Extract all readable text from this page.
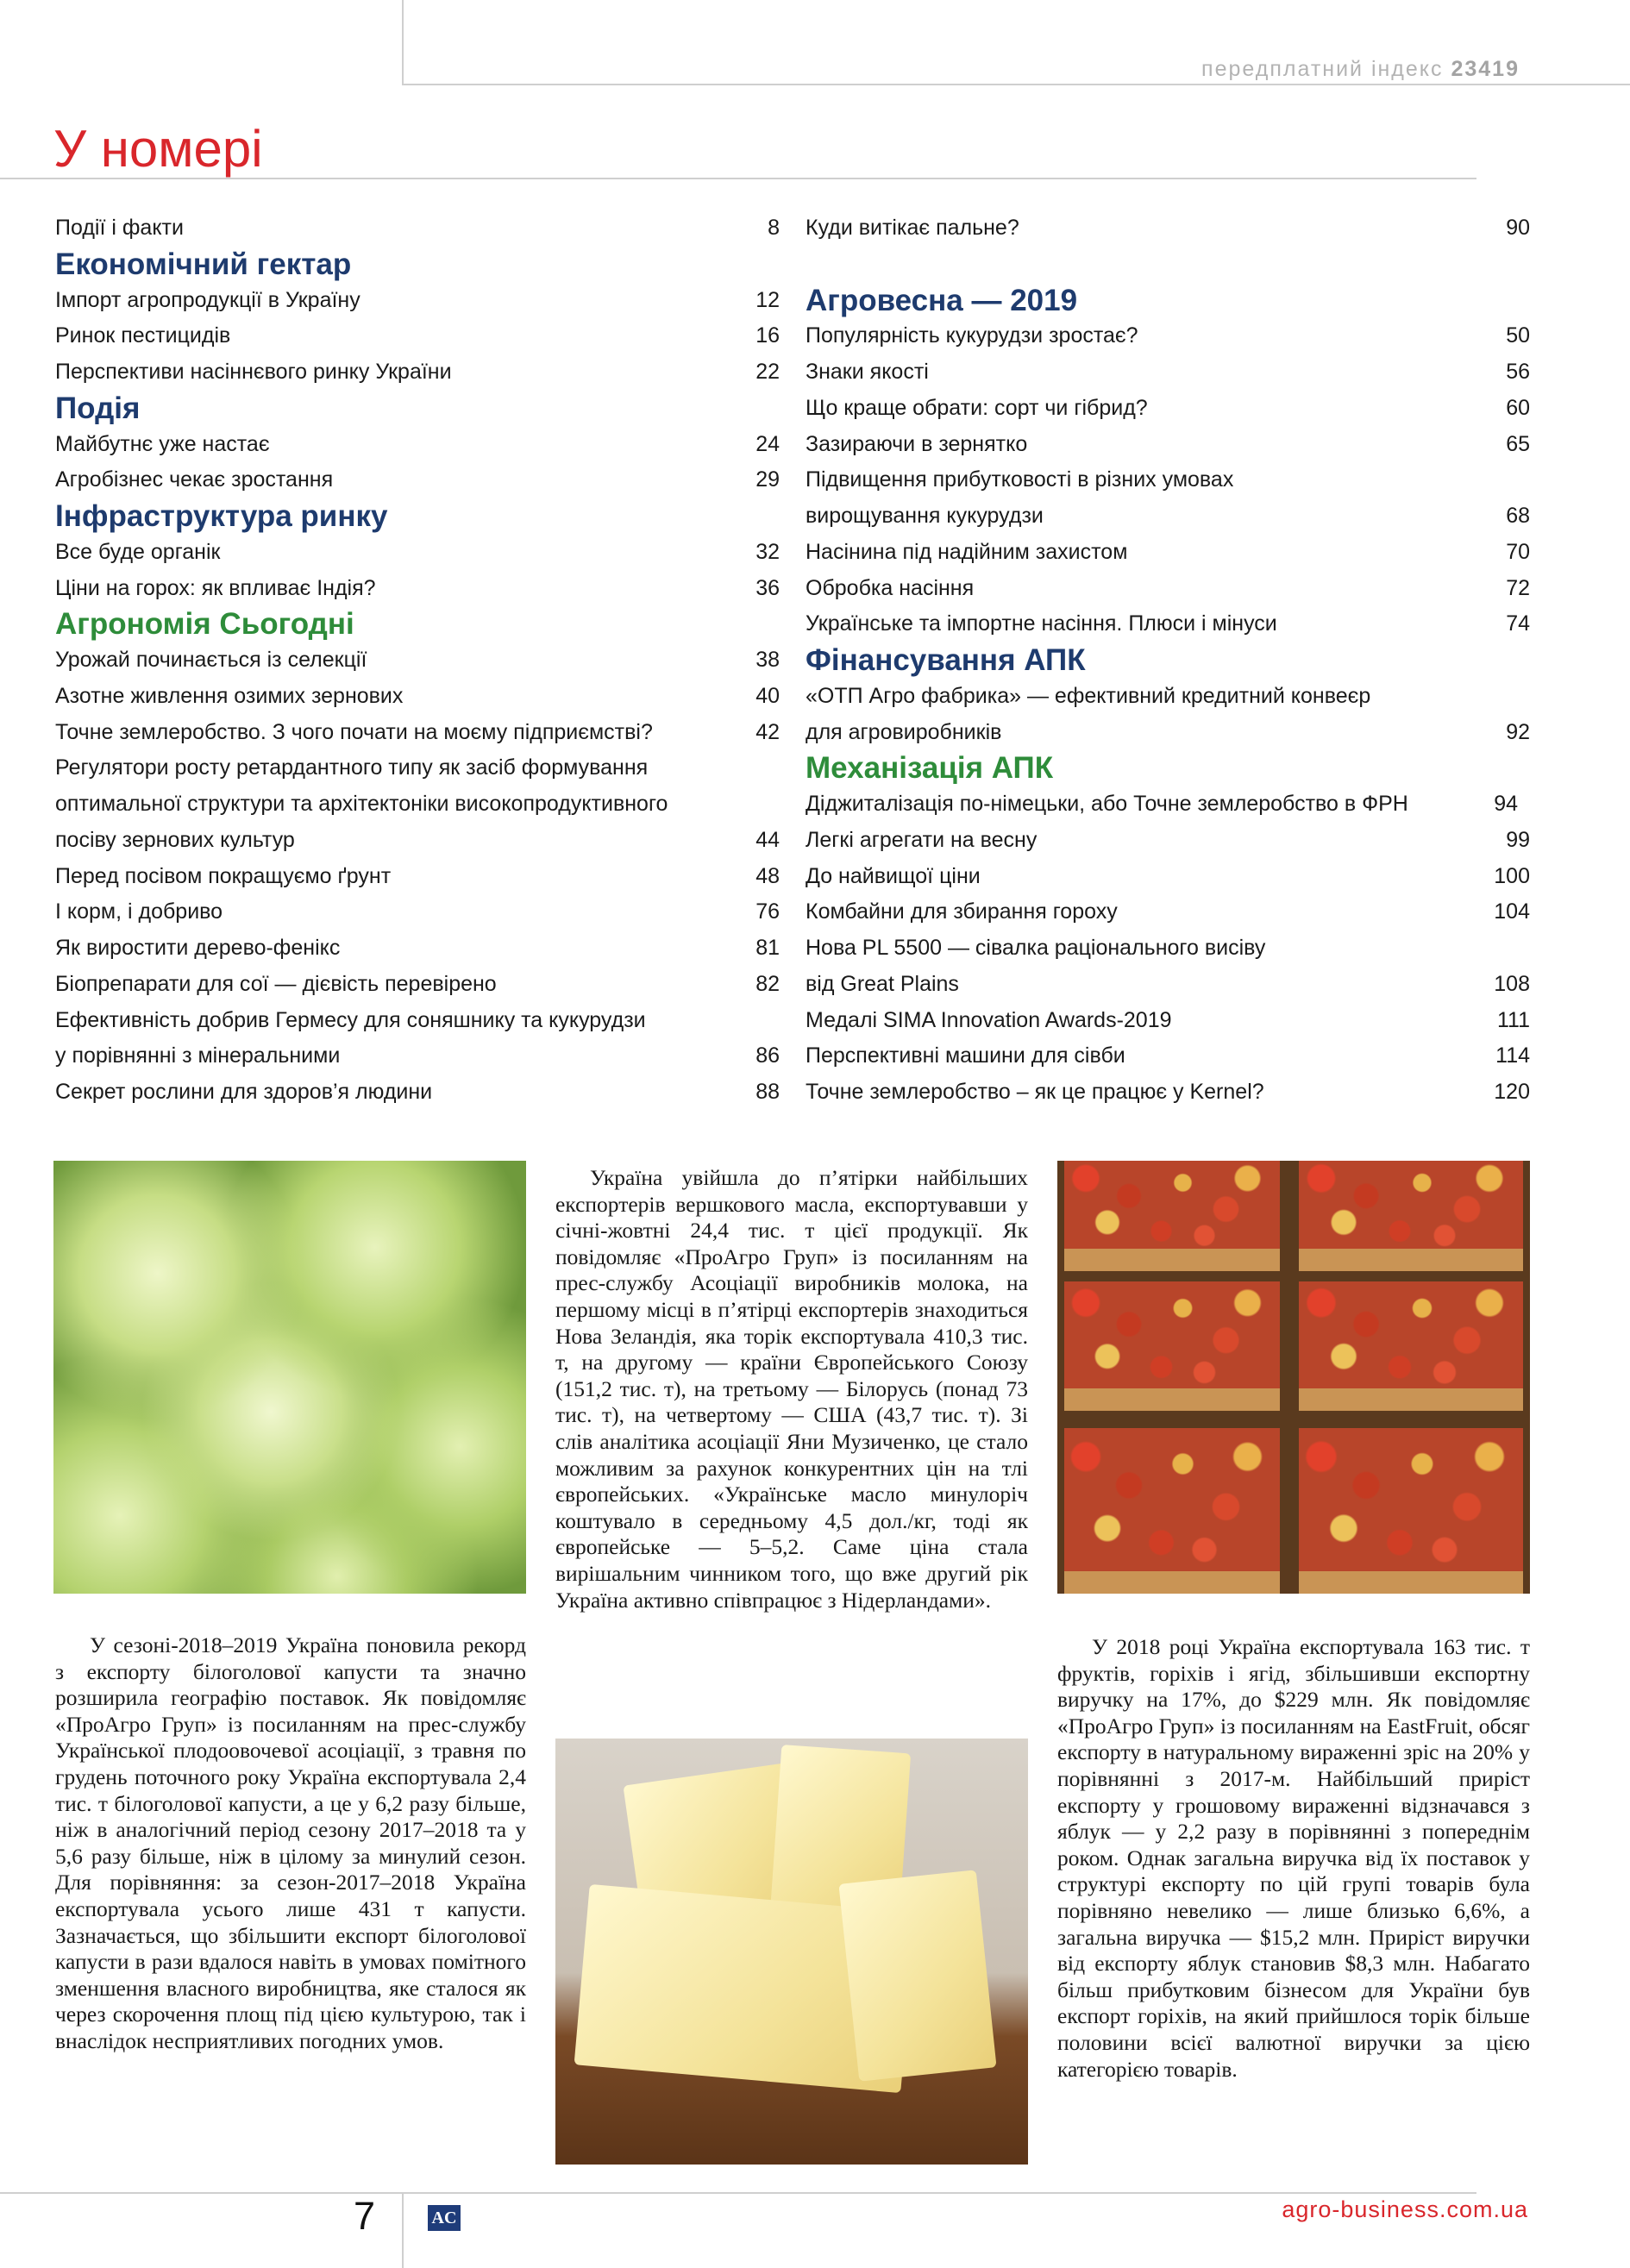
передплатний індекс 23419
У номері
Події і факти	8
Економічний гектар
Імпорт агропродукції в Україну	12
Ринок пестицидів	16
Перспективи насіннєвого ринку України	22
Подія
Майбутнє уже настає	24
Агробізнес чекає зростання	29
Інфраструктура ринку
Все буде органік	32
Ціни на горох: як впливає Індія?	36
Агрономія Сьогодні
Урожай починається із селекції	38
Азотне живлення озимих зернових	40
Точне землеробство. З чого почати на моєму підприємстві?	42
Регулятори росту ретардантного типу як засіб формування
оптимальної структури та архітектоніки високопродуктивного
посіву зернових культур	44
Перед посівом покращуємо ґрунт	48
І корм, і добриво	76
Як виростити дерево-фенікс	81
Біопрепарати для сої — дієвість перевірено	82
Ефективність добрив Гермесу для соняшнику та кукурудзи
у порівнянні з мінеральними	86
Секрет рослини для здоров’я людини	88
Куди витікає пальне?	90
Агровесна — 2019
Популярність кукурудзи зростає?	50
Знаки якості	56
Що краще обрати: сорт чи гібрид?	60
Зазираючи в зернятко	65
Підвищення прибутковості в різних умовах
вирощування кукурудзи	68
Насінина під надійним захистом	70
Обробка насіння	72
Українське та імпортне насіння. Плюси і мінуси	74
Фінансування АПК
«ОТП Агро фабрика» — ефективний кредитний конвеєр
для агровиробників	92
Механізація АПК
Діджиталізація по-німецьки, або Точне землеробство в ФРН	94
Легкі агрегати на весну	99
До найвищої ціни	100
Комбайни для збирання гороху	104
Нова PL 5500 — сівалка раціонального висіву
від Great Plains	108
Медалі SIMA Innovation Awards-2019	111
Перспективні машини для сівби	114
Точне землеробство – як це працює у Kernel?	120

Україна увійшла до п’ятірки найбільших експортерів вершкового масла, експортувавши у січні-жовтні 24,4 тис. т цієї продукції. Як повідомляє «ПроАгро Груп» із посиланням на прес-службу Асоціації виробників молока, на першому місці в п’ятірці експортерів знаходиться Нова Зеландія, яка торік експортувала 410,3 тис. т, на другому — країни Європейського Союзу (151,2 тис. т), на третьому — Білорусь (понад 73 тис. т), на четвертому — США (43,7 тис. т). Зі слів аналітика асоціації Яни Музиченко, це стало можливим за рахунок конкурентних цін на тлі європейських. «Українське масло минулоріч коштувало в середньому 4,5 дол./кг, тоді як європейське — 5–5,2. Саме ціна стала вирішальним чинником того, що вже другий рік Україна активно співпрацює з Нідерландами».

У сезоні-2018–2019 Україна поновила рекорд з експорту білоголової капусти та значно розширила географію поставок. Як повідомляє «ПроАгро Груп» із посиланням на прес-службу Української плодоовочевої асоціації, з травня по грудень поточного року Україна експортувала 2,4 тис. т білоголової капусти, а це у 6,2 разу більше, ніж в аналогічний період сезону 2017–2018 та у 5,6 разу більше, ніж в цілому за минулий сезон. Для порівняння: за сезон-2017–2018 Україна експортувала усього лише 431 т капусти. Зазначається, що збільшити експорт білоголової капусти в рази вдалося навіть в умовах помітного зменшення власного виробництва, яке сталося як через скорочення площ під цією культурою, так і внаслідок несприятливих погодних умов.

У 2018 році Україна експортувала 163 тис. т фруктів, горіхів і ягід, збільшивши експортну виручку на 17%, до $229 млн. Як повідомляє «ПроАгро Груп» із посиланням на EastFruit, обсяг експорту в натуральному вираженні зріс на 20% у порівнянні з 2017-м. Найбільший приріст експорту у грошовому вираженні відзначався з яблук — у 2,2 разу в порівнянні з попереднім роком. Однак загальна виручка від їх поставок у структурі експорту по цій групі товарів була порівняно невелико — лише близько 6,6%, а загальна виручка — $15,2 млн. Приріст виручки від експорту яблук становив $8,3 млн. Набагато більш прибутковим бізнесом для України був експорт горіхів, на який прийшлося торік більше половини всієї валютної виручки за цією категорією товарів.

7	AC	agro-business.com.ua
